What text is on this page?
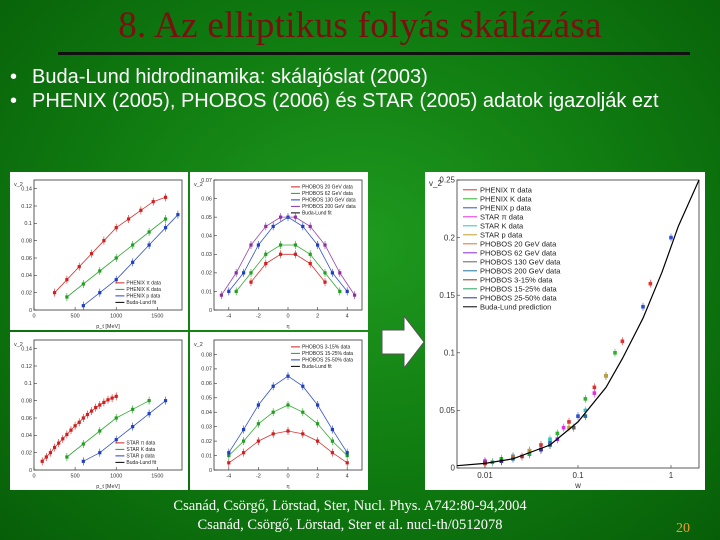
8. Az elliptikus folyás skálázása
• Buda-Lund hidrodinamika: skálajóslat (2003)
• PHENIX (2005), PHOBOS (2006) és STAR (2005) adatok igazolják ezt
0
0.02
0.04
0.06
0.08
0.1
0.12
0.14
0	500	1000	1500
p_t [MeV]
v_2
PHENIX π data
PHENIX K data
PHENIX p data
Buda-Lund fit
0
0.01
0.02
0.03
0.04
0.05
0.06
0.07
-4	-2	0	2	4
η
v_2	PHOBOS 20 GeV data
PHOBOS 62 GeV data
PHOBOS 130 GeV data
PHOBOS 200 GeV data
Buda-Lund fit
0
0.02
0.04
0.06
0.08
0.1
0.12
0.14
0	500	1000	1500
p_t [MeV]
v_2
STAR π data
STAR K data
STAR p data
Buda-Lund fit
0
0.01
0.02
0.03
0.04
0.05
0.06
0.07
0.08
-4	-2	0	2	4
η
v_2	PHOBOS 3-15% data
PHOBOS 15-25% data
PHOBOS 25-50% data
Buda-Lund fit
0
0.05
0.1
0.15
0.2
0.25
0.01	0.1	1
w
v_2
PHENIX π data
PHENIX K data
PHENIX p data
STAR π data
STAR K data
STAR p data
PHOBOS 20 GeV data
PHOBOS 62 GeV data
PHOBOS 130 GeV data
PHOBOS 200 GeV data
PHOBOS 3-15% data
PHOBOS 15-25% data
PHOBOS 25-50% data
Buda-Lund prediction
Csanád, Csörgő, Lörstad, Ster, Nucl. Phys. A742:80-94,2004
Csanád, Csörgő, Lörstad, Ster et al. nucl-th/0512078	20
